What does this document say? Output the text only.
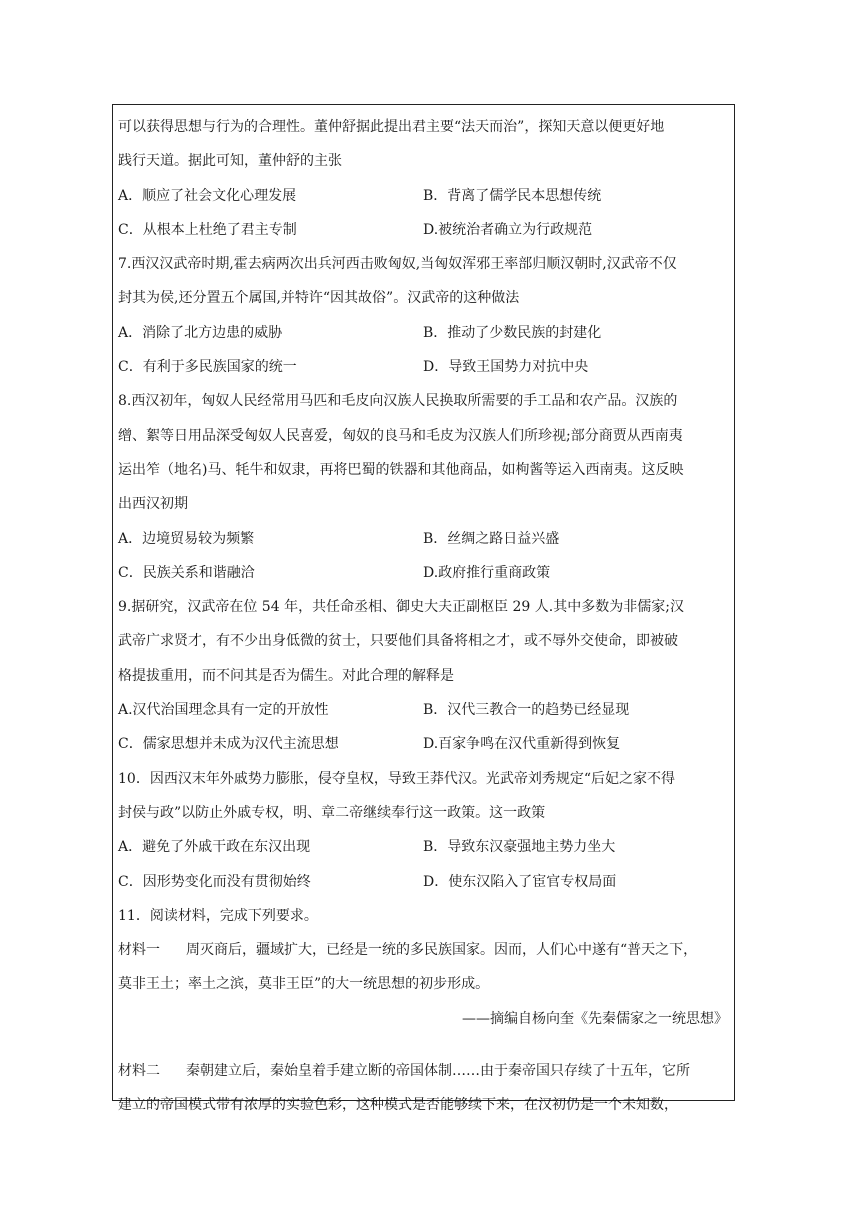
可以获得思想与行为的合理性。董仲舒据此提出君主要“法天而治”，探知天意以便更好地
践行天道。据此可知，董仲舒的主张
A．顺应了社会文化心理发展	B．背离了儒学民本思想传统
C．从根本上杜绝了君主专制	D.被统治者确立为行政规范
7.西汉汉武帝时期,霍去病两次出兵河西击败匈奴,当匈奴浑邪王率部归顺汉朝时,汉武帝不仅
封其为侯,还分置五个属国,并特许“因其故俗”。汉武帝的这种做法
A．消除了北方边患的威胁	B．推动了少数民族的封建化
C．有利于多民族国家的统一	D．导致王国势力对抗中央
8.西汉初年，匈奴人民经常用马匹和毛皮向汉族人民换取所需要的手工品和农产品。汉族的
缯、絮等日用品深受匈奴人民喜爱，匈奴的良马和毛皮为汉族人们所珍视;部分商贾从西南夷
运出笮（地名)马、牦牛和奴隶，再将巴蜀的铁器和其他商品，如枸酱等运入西南夷。这反映
出西汉初期
A．边境贸易较为频繁	B．丝绸之路日益兴盛
C．民族关系和谐融洽	D.政府推行重商政策
9.据研究，汉武帝在位 54 年，共任命丞相、御史大夫正副枢臣 29 人.其中多数为非儒家;汉
武帝广求贤才，有不少出身低微的贫士，只要他们具备将相之才，或不辱外交使命，即被破
格提拔重用，而不问其是否为儒生。对此合理的解释是
A.汉代治国理念具有一定的开放性	B．汉代三教合一的趋势已经显现
C．儒家思想并未成为汉代主流思想	D.百家争鸣在汉代重新得到恢复
10．因西汉末年外戚势力膨胀，侵夺皇权，导致王莽代汉。光武帝刘秀规定“后妃之家不得
封侯与政”以防止外戚专权，明、章二帝继续奉行这一政策。这一政策
A．避免了外戚干政在东汉出现	B．导致东汉豪强地主势力坐大
C．因形势变化而没有贯彻始终	D．使东汉陷入了宦官专权局面
11．阅读材料，完成下列要求。
材料一 周灭商后，疆域扩大，已经是一统的多民族国家。因而，人们心中遂有“普天之下，
莫非王土；率土之滨，莫非王臣”的大一统思想的初步形成。
——摘编自杨向奎《先秦儒家之一统思想》
材料二 秦朝建立后，秦始皇着手建立断的帝国体制……由于秦帝国只存续了十五年，它所
建立的帝国模式带有浓厚的实验色彩，这种模式是否能够续下来，在汉初仍是一个未知数，
